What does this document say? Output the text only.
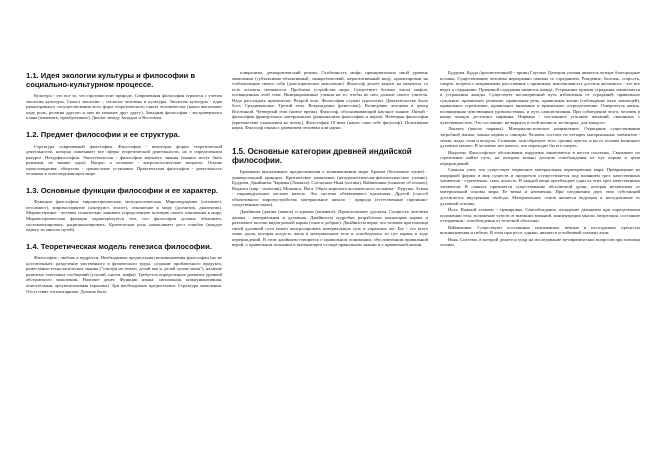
1.1. Идея экологии культуры и философии в социально-культурном процессе.

Культура - это все то, что противостоит природе. Современная философия строится с учетом экологии культуры. Смысл экологии – согласие человека и культуры. Экология культуры - идея равноправного сосуществования всех форм теоретического опыта человечества (наука выполняет одну роль, религия другую и они не мешают друг другу). Западная философия - экстравертного плана (изменять, преобразовать). Диалог между Западом и Востоком.

1.2. Предмет философии и ее структура.

Структура современной философии. Философия - некоторая форма теоретической деятельности, которая охватывает все сферы теоретической деятельности, но в определенном ракурсе. Натурфилософия. Эпистемология - философия научного знания (знания могут быть разными, не знание одно). Вопрос о человеке - антропологические вопросы. Основа происхождения: общество - ценностные установки. Практическая философия - деятельность человека в этом окружающем мире.

1.3. Основные функции философии и ее характер.

Функции философии: мировоззренческая, методологическая. Мироощущение (оптимист, пессимист), мировосприятие (альтруист, эгоист), отношение к миру (догматик, диалектик). Мировоззрение - человек сознательно занимает определенную позицию своего отношения к миру. Мировоззренческая функция характеризуется тем, что философия должна объяснить, систематизировать, рационализировать. Критическая роль накапливает рост ошибок (каждое одного из многих путей).

1.4. Теоретическая модель генезиса философии.

Философия - любовь к мудрости. Необходимые предпосылки возникновения философии (но не достаточные): разделение умственного и физического труда, создание прибавочного продукта, ремесленно-технологические знания ("смотри на землю, делай как я, делай лучше меня"), наличие развитых текстовых сообщений (усилий, писем, мифы). Требуется определенное развитие уровней абстрактного мышления. Наличие денег. Функции языка: сигнальная, коммуникативная, описательная, аргументативная (критика). Три необходимых предпосылки. Структура мышления. Отсутствие тоталитаризма. Должна быть

плюрализм, демократический режим. Особенность мифа: принципиально иной уровень мышления (субъективно-объективный, синкретический, нерасчлененный вид), ориентирован на стабилизацию своего себя (доисторическое мышление). Философ делает акцент на моменты, то есть аспекты смешаются. Проблема устройства мира. Существует больше числа мифов, посвященных этой теме. Инициированные учения на то, чтобы не шел дальше своего учителя. Надо рассуждать критически. Второй этап. Философия служит идеологии. Доказательство было бога. Средневековье. Третий этап. Возрождение (ренессанс). Возведение человека в центр Вселенной. Четвертый этап (новое время). Философ, обосновывающий научное знание. Пятый - философия французского материализма (рационализм философии и науки). Немецкая философия (критические отношения ко всему). Философия 19 века (наука сама себе философ). Позитивная наука. Философ связан с развитием человека или науки.

1.5. Основные категории древней индийской философии.

Брахманы высказывают предположения о возникновении мира. Брахма (безличное сущее) - универсальный принцип. Критическое мышление (натуралистически-фаталистическое учение). Буддизм, Джайнизм, Чарвака (Локаята). Сотласные Ньяя (логика), Вайшешика (понятие об атомах), Веданта (мир - иллюзия), Миманса, Йога. Образ мирового космического человека - Пуруша. Атман - индивидуальное частное начало. Это система объективного идеализма. Другой (способ объективного миропустройства материальное начало - природа (естественные причинно-следственные связи).

Джайнизм (джина (живое) и аджива (неживое). Провозглашает дуализм. Сущность человека двояка - материальная и духовная. Джайнисты подробно разработали концепцию кармы и различают восемь видов разной кармы (злые и добрые). Джайнисты верят, что человек при помощи своей духовной сути может контролировать материальную суть и управлять ею. Бог - это всего лишь душа, которая когда-то жила в материальном теле и освободилась из пут кармы в ходе перерождений. В этом джайнизм говорится о правильном понимании, обусловленном правильной верой, о правильном познании и вытекающем отсюда правильном знании и о правильной жизни.

Буддизм. Будда (просветленный) - принц Гаутама. Центром учения является четыре благородные истины. Существование человека неразрывно связано со страданием. Рождение, болезнь, старость, смерть, встреча с неприятным, расставание с приятным, невозможность достичь желаемого - это все ведет к страданию. Причиной страдания является жажда. Устранение причин страдания заключается в устранении жажды. Существует восьмеричный путь избавления от страданий: правильное суждение, правильное решение, правильная речь, правильная жизнь (соблюдение пяти заповедей), правильное стремление, правильное внимание и правильное сосредоточение. Отвергается жизнь, посвященная чувственным удовольствиям, и путь самоистязания. При соблюдении этого, человек в конце концов достигнет нирваны. Нирвана - постоянное угасание желаний, связанных с чувственностью. Это состояние, не-вернуть в этой жизни и, во-вторых, для каждого.

Локаята (школа чарвака). Материалистическое направление. Отрицание существования загробной жизни, закона кармы и сансары. Человек состоит из четырех материальных элементов - земли, воды, огня и воздуха. Сознание, они образуют тело, органы чувств, и ни от основы возникает духовное начало. В человеке нет ничего, что переходит бы его смерть.

Индуизм. Философское обоснование индуизма заключается в шести системах. Связывает их стремление найти путь, на котором можно достичь освобождения из пут кармы и цепи перерождений.

Санкхья учит, что существует первичное материальная первопричина мира. Превращение из аморфной формы в мир существ и предметов осуществляется под влиянием трех качественных элементов - стремление, тьма, ясность. В каждой вещи преобладает один из этих трех качественных элементов. В санкхье признается существование абсолютной души, которая независима от материальной основы мира. Ее вечна и неизменна. При соединении двух этих субстанций достигается внутренняя свобода. Материальных основ является ведущим и неотделимым от духовной основы.

Йога. Важной элемент - тренировка. Самообладание, овладение дыханием при определенном положении тела, положение чувств от внешних влияний, концентрация мысли, медитация, состояние отторжения - освобождения от телесной оболочки.

Вайшешика. Существуют постоянные неизменные, вечные и несозданные процессы возникновения и гибели. В этом процессе, однако, является устойчивый элемент атом.

Ньяя. Система, в которой делается упор на исследование метафизических вопросов при помощи логики.
